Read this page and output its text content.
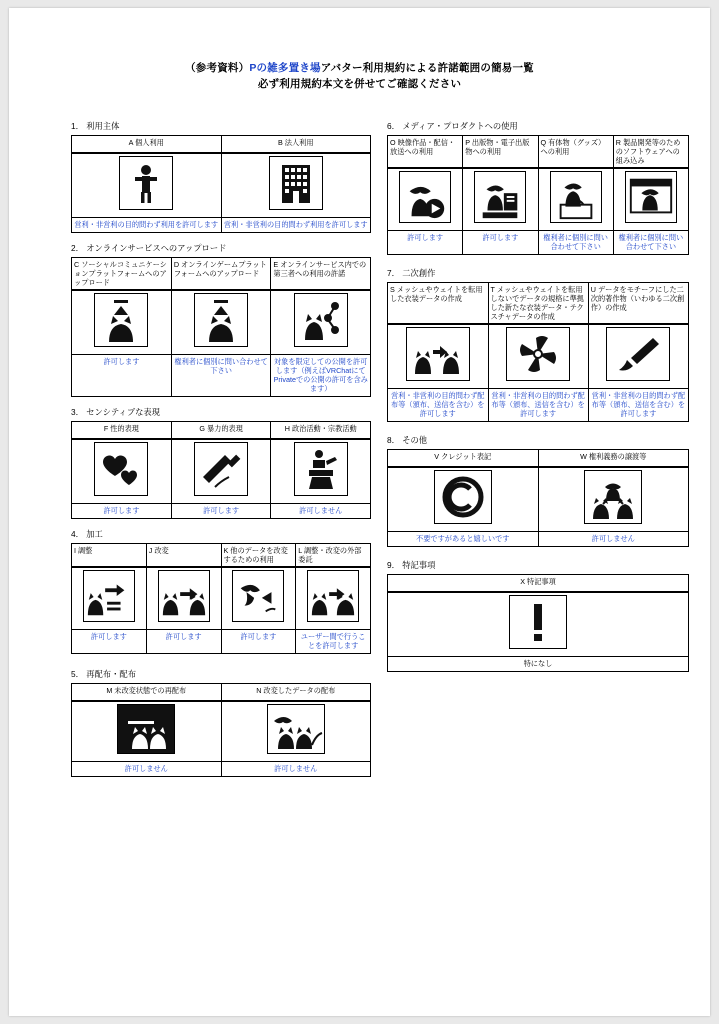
（参考資料）Pの雑多置き場アバター利用規約による許諾範囲の簡易一覧
必ず利用規約本文を併せてご確認ください
1． 利用主体
A 個人利用	B 法人利用

営利・非営利の目的問わず利用を許可します	営利・非営利の目的問わず利用を許可します
2． オンラインサービスへのアップロード
C ソーシャルコミュニケーションプラットフォームへのアップロード	D オンラインゲームプラットフォームへのアップロード	E オンラインサービス内での第三者への利用の許諾

許可します	権利者に個別に問い合わせて下さい	対象を限定しての公開を許可します（例えばVRChatにてPrivateでの公開の許可を含みます）
3． センシティブな表現
F 性的表現	G 暴力的表現	H 政治活動・宗教活動

許可します	許可します	許可しません
4． 加工
I 調整	J 改変	K 他のデータを改変するための利用	L 調整・改変の外部委託

許可します	許可します	許可します	ユーザー間で行うことを許可します
5． 再配布・配布
M 未改変状態での再配布	N 改変したデータの配布

許可しません	許可しません
6． メディア・プロダクトへの使用
O 映像作品・配信・放送への利用	P 出版物・電子出版物への利用	Q 有体物（グッズ）への利用	R 製品開発等のためのソフトウェアへの組み込み

許可します	許可します	権利者に個別に問い合わせて下さい	権利者に個別に問い合わせて下さい
7． 二次創作
S メッシュやウェイトを転用した衣装データの作成	T メッシュやウェイトを転用しないでデータの規格に準拠した新たな衣装データ・テクスチャデータの作成	U データをモチーフにした二次的著作物（いわゆる二次創作）の作成

営利・非営利の目的問わず配布等（頒布、送信を含む）を許可します	営利・非営利の目的問わず配布等（頒布、送信を含む）を許可します	営利・非営利の目的問わず配布等（頒布、送信を含む）を許可します
8． その他
V クレジット表記	W 権利義務の譲渡等

不要ですがあると嬉しいです	許可しません
9． 特記事項
X 特記事項

特になし
